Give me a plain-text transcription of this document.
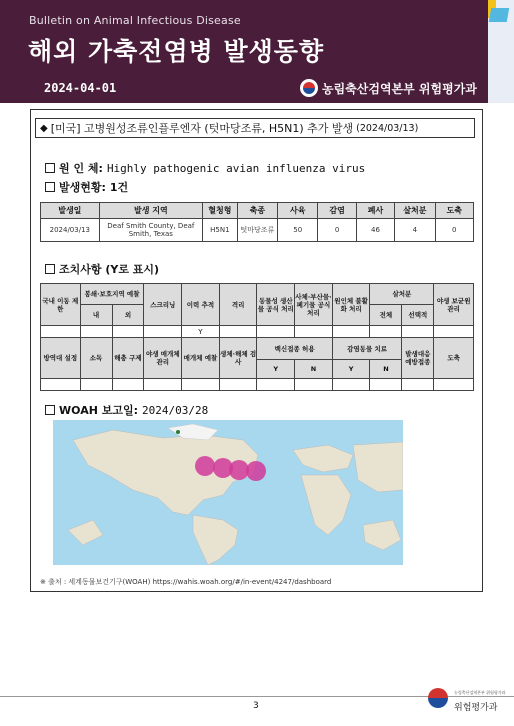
Bulletin on Animal Infectious Disease
해외 가축전염병 발생동향
2024-04-01	농림축산검역본부 위험평가과
◆ [미국] 고병원성조류인플루엔자 (텃마당조류, H5N1) 추가 발생 (2024/03/13)
원 인 체: Highly pathogenic avian influenza virus
발생현황: 1건
발생일	발생 지역	혈청형	축종	사육	감염	폐사	살처분	도축
2024/03/13	Deaf Smith County, Deaf Smith, Texas	H5N1	텃마당조류	50	0	46	4	0
조치사항 (Y로 표시)
국내 이동 제한	봉쇄·보호지역 예찰		스크리닝	이력 추적	격리	동물성 생산물 공식 처리	사체·부산물·폐기물 공식 처리	원인체 불활화 처리	살처분		야생 보균원 관리
	내	외							전체	선택적	
				Y							
방역대 설정	소독	해충 구제	야생 매개체 관리	매개체 예찰	생체·해체 검사	백신접종 허용		감염동물 치료		발생대응 예방접종	도축
						Y	N	Y	N		

WOAH 보고일: 2024/03/28
※ 출처 : 세계동물보건기구(WOAH) https://wahis.woah.org/#/in-event/4247/dashboard
3
농림축산검역본부 위험평가과
위험평가과
